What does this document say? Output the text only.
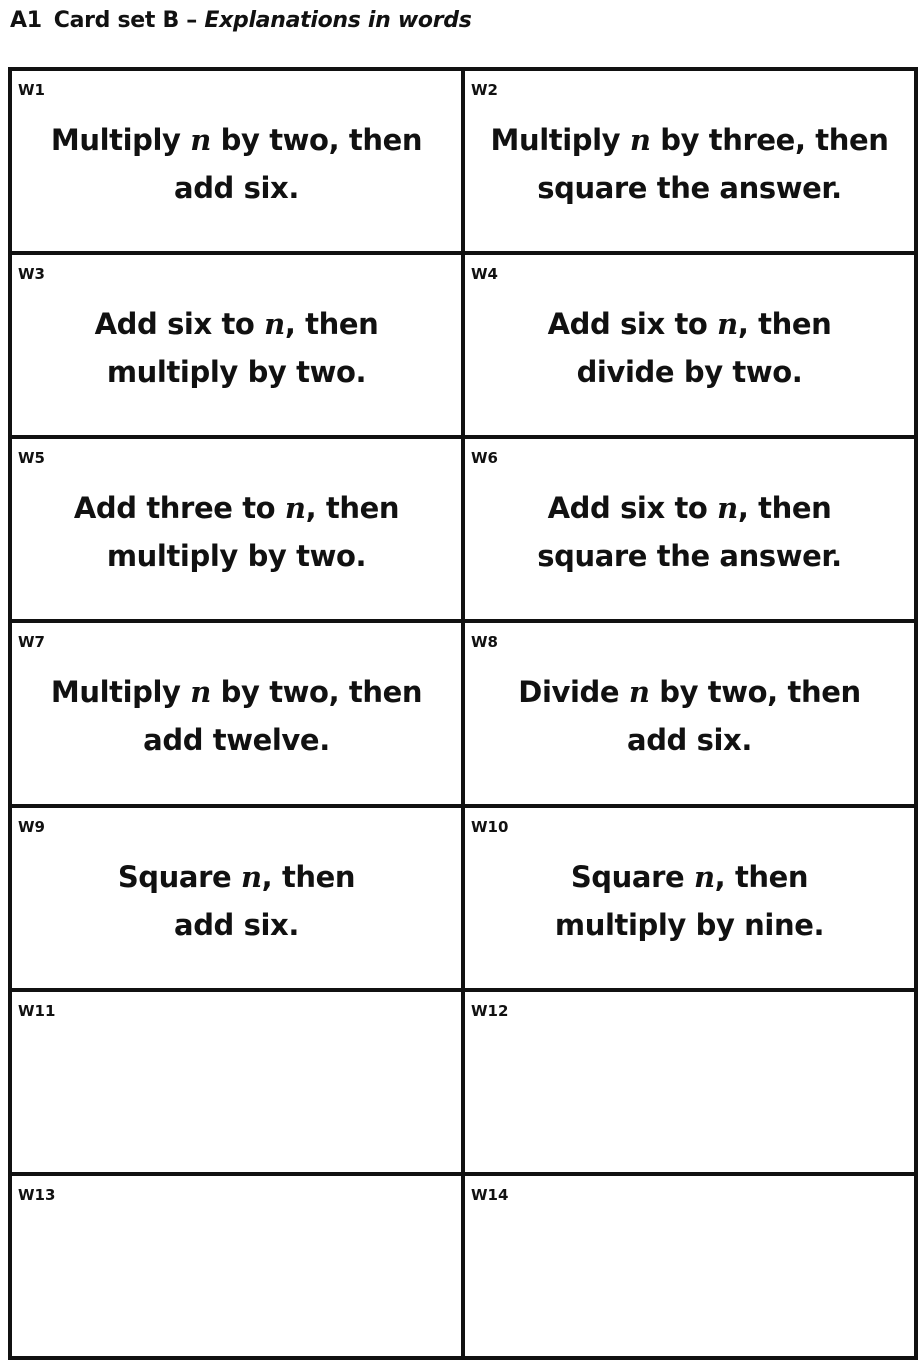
A1 Card set B – Explanations in words
W1
Multiply n by two, then
add six.
W2
Multiply n by three, then
square the answer.
W3
Add six to n, then
multiply by two.
W4
Add six to n, then
divide by two.
W5
Add three to n, then
multiply by two.
W6
Add six to n, then
square the answer.
W7
Multiply n by two, then
add twelve.
W8
Divide n by two, then
add six.
W9
Square n, then
add six.
W10
Square n, then
multiply by nine.
W11	W12
W13	W14
